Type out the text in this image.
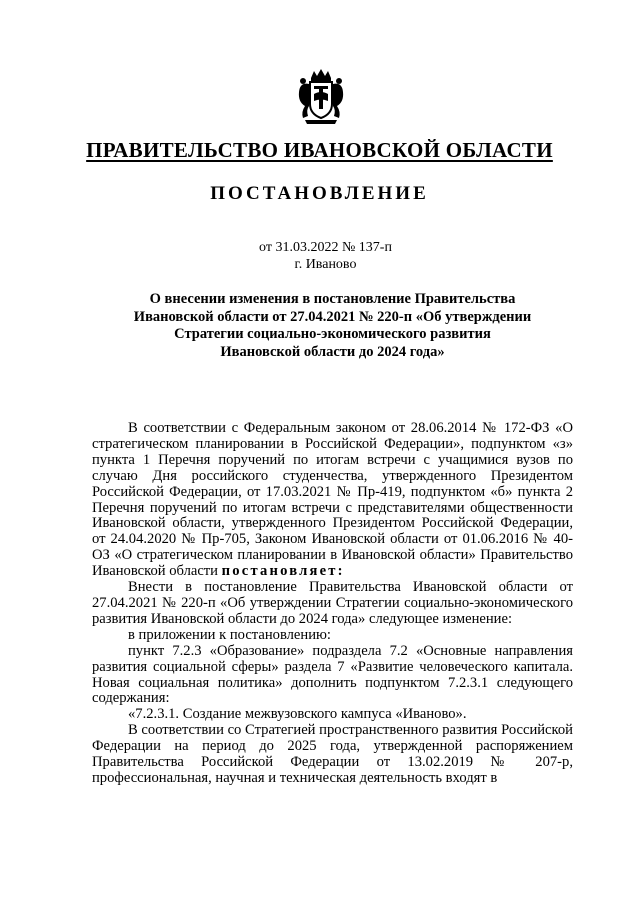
ПРАВИТЕЛЬСТВО ИВАНОВСКОЙ ОБЛАСТИ
ПОСТАНОВЛЕНИЕ
от 31.03.2022 № 137-п
г. Иваново
О внесении изменения в постановление Правительства
Ивановской области от 27.04.2021 № 220-п «Об утверждении
Стратегии социально-экономического развития
Ивановской области до 2024 года»

В соответствии с Федеральным законом от 28.06.2014 № 172-ФЗ «О стратегическом планировании в Российской Федерации», подпунктом «з» пункта 1 Перечня поручений по итогам встречи с учащимися вузов по случаю Дня российского студенчества, утвержденного Президентом Российской Федерации, от 17.03.2021 № Пр-419, подпунктом «б» пункта 2 Перечня поручений по итогам встречи с представителями общественности Ивановской области, утвержденного Президентом Российской Федерации, от 24.04.2020 № Пр-705, Законом Ивановской области от 01.06.2016 № 40-ОЗ «О стратегическом планировании в Ивановской области» Правительство Ивановской области постановляет:

Внести в постановление Правительства Ивановской области от 27.04.2021 № 220-п «Об утверждении Стратегии социально-экономического развития Ивановской области до 2024 года» следующее изменение:

в приложении к постановлению:

пункт 7.2.3 «Образование» подраздела 7.2 «Основные направления развития социальной сферы» раздела 7 «Развитие человеческого капитала. Новая социальная политика» дополнить подпунктом 7.2.3.1 следующего содержания:

«7.2.3.1. Создание межвузовского кампуса «Иваново».

В соответствии со Стратегией пространственного развития Российской Федерации на период до 2025 года, утвержденной распоряжением Правительства Российской Федерации от 13.02.2019 № 207-р, профессиональная, научная и техническая деятельность входят в
